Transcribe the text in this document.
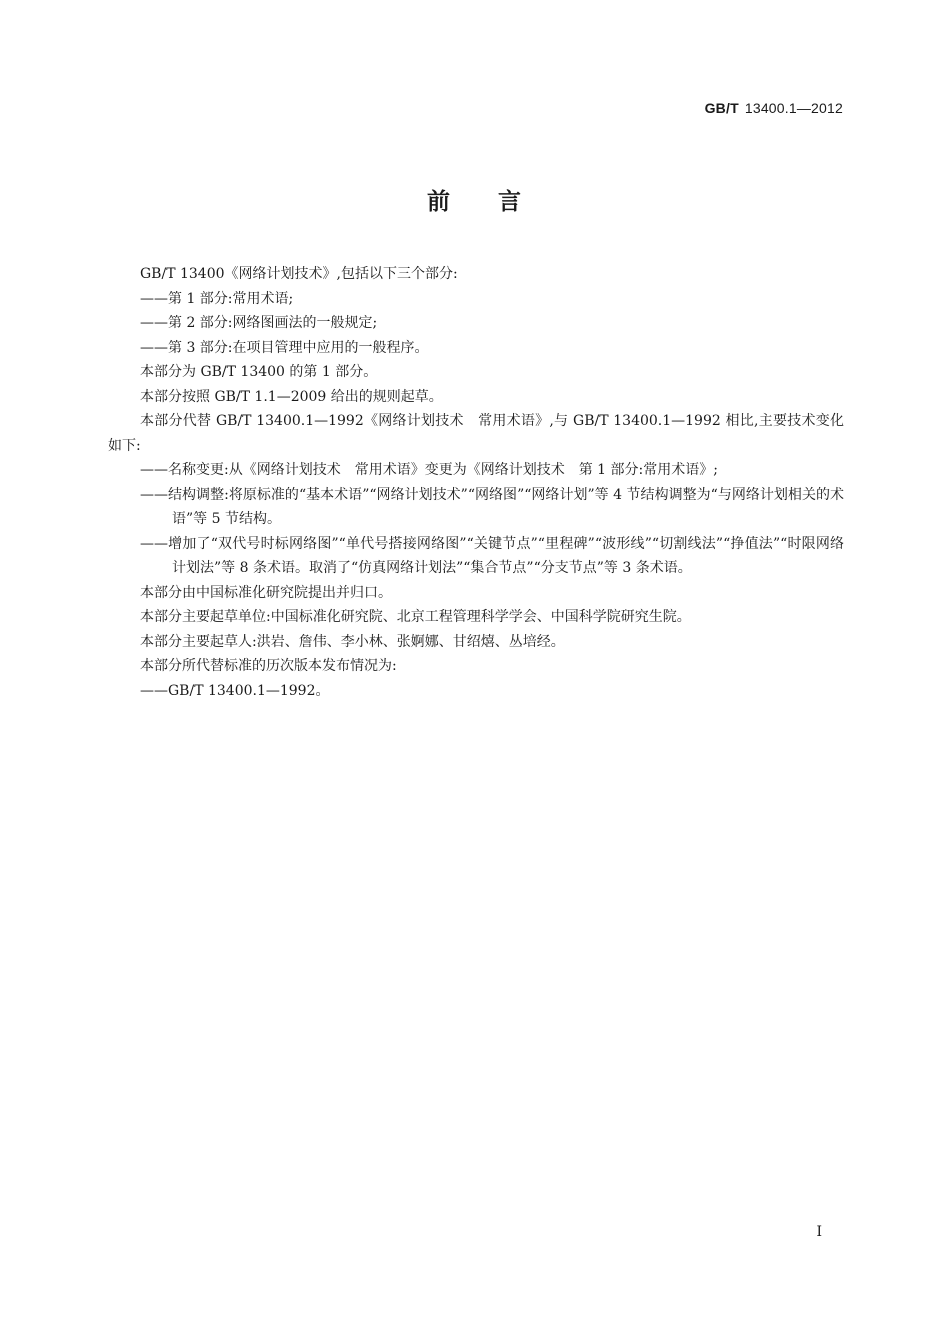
GB/T 13400.1—2012
前 言

GB/T 13400《网络计划技术》,包括以下三个部分:

——第 1 部分:常用术语;

——第 2 部分:网络图画法的一般规定;

——第 3 部分:在项目管理中应用的一般程序。

本部分为 GB/T 13400 的第 1 部分。

本部分按照 GB/T 1.1—2009 给出的规则起草。

本部分代替 GB/T 13400.1—1992《网络计划技术　常用术语》,与 GB/T 13400.1—1992 相比,主要技术变化如下:

——名称变更:从《网络计划技术　常用术语》变更为《网络计划技术　第 1 部分:常用术语》;

——结构调整:将原标准的“基本术语”“网络计划技术”“网络图”“网络计划”等 4 节结构调整为“与网络计划相关的术语”等 5 节结构。

——增加了“双代号时标网络图”“单代号搭接网络图”“关键节点”“里程碑”“波形线”“切割线法”“挣值法”“时限网络计划法”等 8 条术语。取消了“仿真网络计划法”“集合节点”“分支节点”等 3 条术语。

本部分由中国标准化研究院提出并归口。

本部分主要起草单位:中国标准化研究院、北京工程管理科学学会、中国科学院研究生院。

本部分主要起草人:洪岩、詹伟、李小林、张婀娜、甘绍熺、丛培经。

本部分所代替标准的历次版本发布情况为:

——GB/T 13400.1—1992。

I
